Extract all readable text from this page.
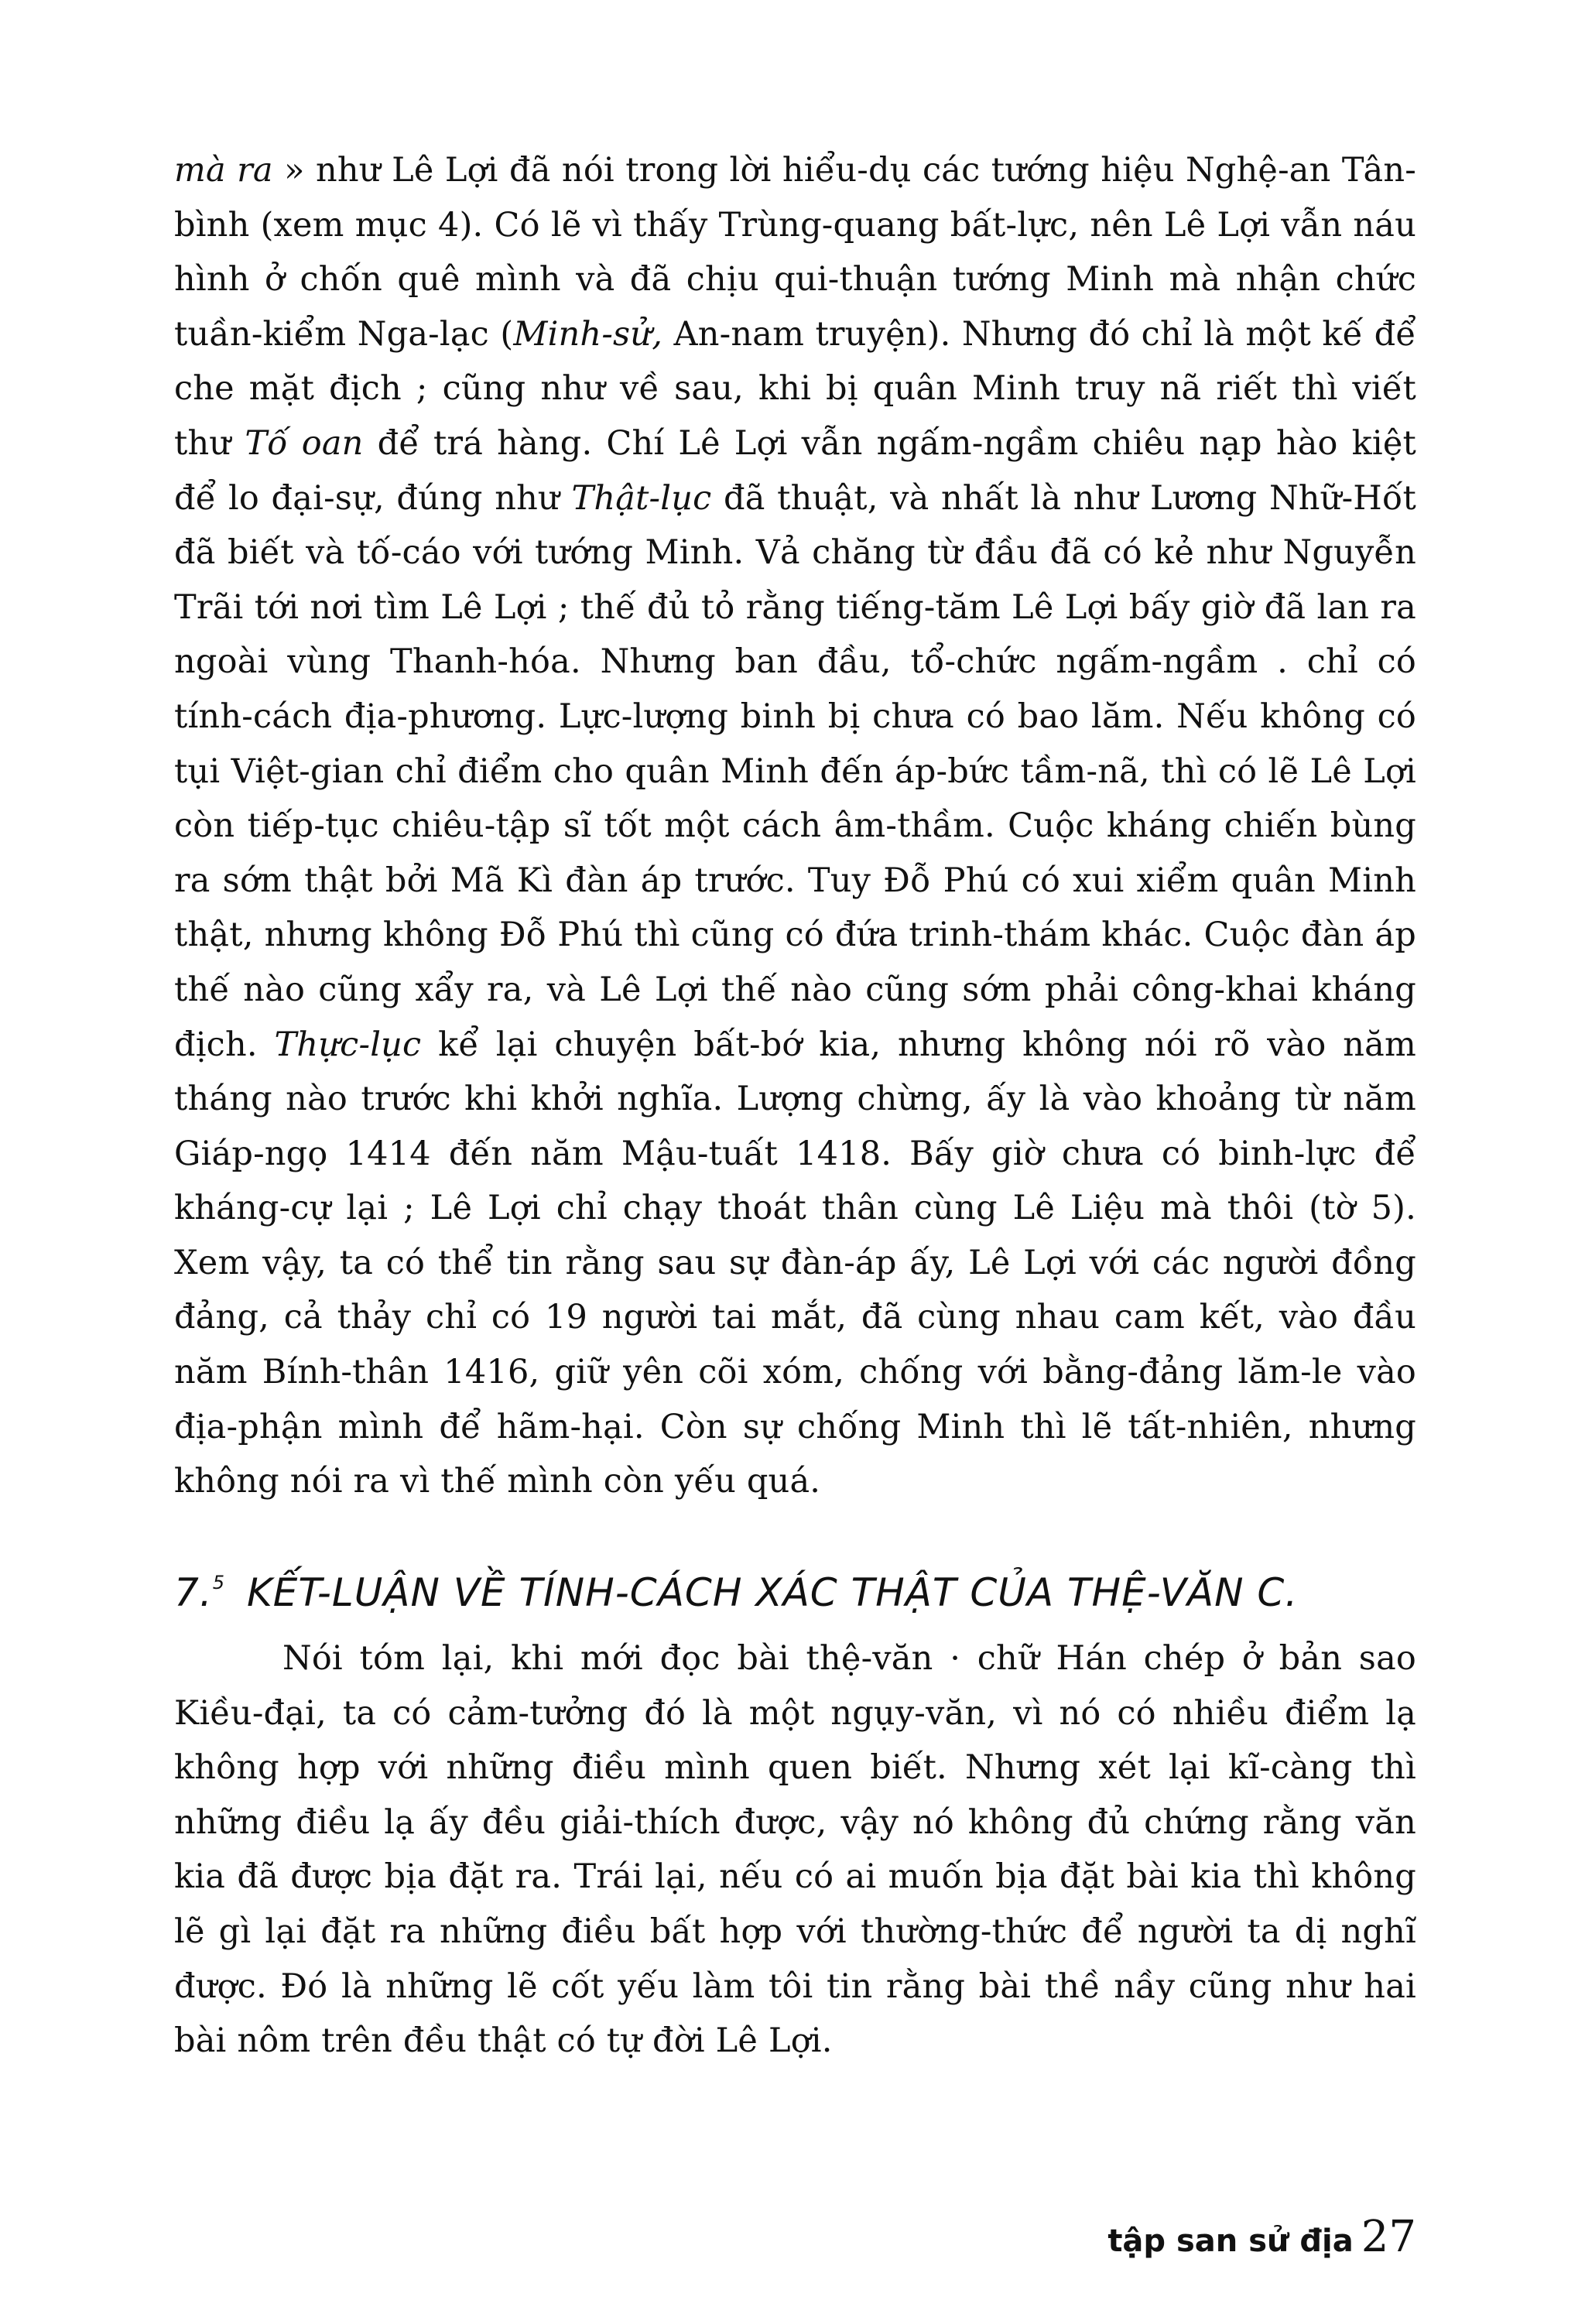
mà ra » như Lê Lợi đã nói trong lời hiểu-dụ các tướng hiệu Nghệ-an Tân-bình (xem mục 4). Có lẽ vì thấy Trùng-quang bất-lực, nên Lê Lợi vẫn náu hình ở chốn quê mình và đã chịu qui-thuận tướng Minh mà nhận chức tuần-kiểm Nga-lạc (Minh-sử, An-nam truyện). Nhưng đó chỉ là một kế để che mặt địch ; cũng như về sau, khi bị quân Minh truy nã riết thì viết thư Tố oan để trá hàng. Chí Lê Lợi vẫn ngấm-ngầm chiêu nạp hào kiệt để lo đại-sự, đúng như Thật-lục đã thuật, và nhất là như Lương Nhữ-Hốt đã biết và tố-cáo với tướng Minh. Vả chăng từ đầu đã có kẻ như Nguyễn Trãi tới nơi tìm Lê Lợi ; thế đủ tỏ rằng tiếng-tăm Lê Lợi bấy giờ đã lan ra ngoài vùng Thanh-hóa. Nhưng ban đầu, tổ-chức ngấm-ngầm . chỉ có tính-cách địa-phương. Lực-lượng binh bị chưa có bao lăm. Nếu không có tụi Việt-gian chỉ điểm cho quân Minh đến áp-bức tầm-nã, thì có lẽ Lê Lợi còn tiếp-tục chiêu-tập sĩ tốt một cách âm-thầm. Cuộc kháng chiến bùng ra sớm thật bởi Mã Kì đàn áp trước. Tuy Đỗ Phú có xui xiểm quân Minh thật, nhưng không Đỗ Phú thì cũng có đứa trinh-thám khác. Cuộc đàn áp thế nào cũng xẩy ra, và Lê Lợi thế nào cũng sớm phải công-khai kháng địch. Thực-lục kể lại chuyện bất-bớ kia, nhưng không nói rõ vào năm tháng nào trước khi khởi nghĩa. Lượng chừng, ấy là vào khoảng từ năm Giáp-ngọ 1414 đến năm Mậu-tuất 1418. Bấy giờ chưa có binh-lực để kháng-cự lại ; Lê Lợi chỉ chạy thoát thân cùng Lê Liệu mà thôi (tờ 5). Xem vậy, ta có thể tin rằng sau sự đàn-áp ấy, Lê Lợi với các người đồng đảng, cả thảy chỉ có 19 người tai mắt, đã cùng nhau cam kết, vào đầu năm Bính-thân 1416, giữ yên cõi xóm, chống với bằng-đảng lăm-le vào địa-phận mình để hãm-hại. Còn sự chống Minh thì lẽ tất-nhiên, nhưng không nói ra vì thế mình còn yếu quá.

7.$^5$ KẾT-LUẬN VỀ TÍNH-CÁCH XÁC THẬT CỦA THỆ-VĂN C.

Nói tóm lại, khi mới đọc bài thệ-văn · chữ Hán chép ở bản sao Kiều-đại, ta có cảm-tưởng đó là một ngụy-văn, vì nó có nhiều điểm lạ không hợp với những điều mình quen biết. Nhưng xét lại kĩ-càng thì những điều lạ ấy đều giải-thích được, vậy nó không đủ chứng rằng văn kia đã được bịa đặt ra. Trái lại, nếu có ai muốn bịa đặt bài kia thì không lẽ gì lại đặt ra những điều bất hợp với thường-thức để người ta dị nghĩ được. Đó là những lẽ cốt yếu làm tôi tin rằng bài thề nầy cũng như hai bài nôm trên đều thật có tự đời Lê Lợi.

tập san sử địa 27
